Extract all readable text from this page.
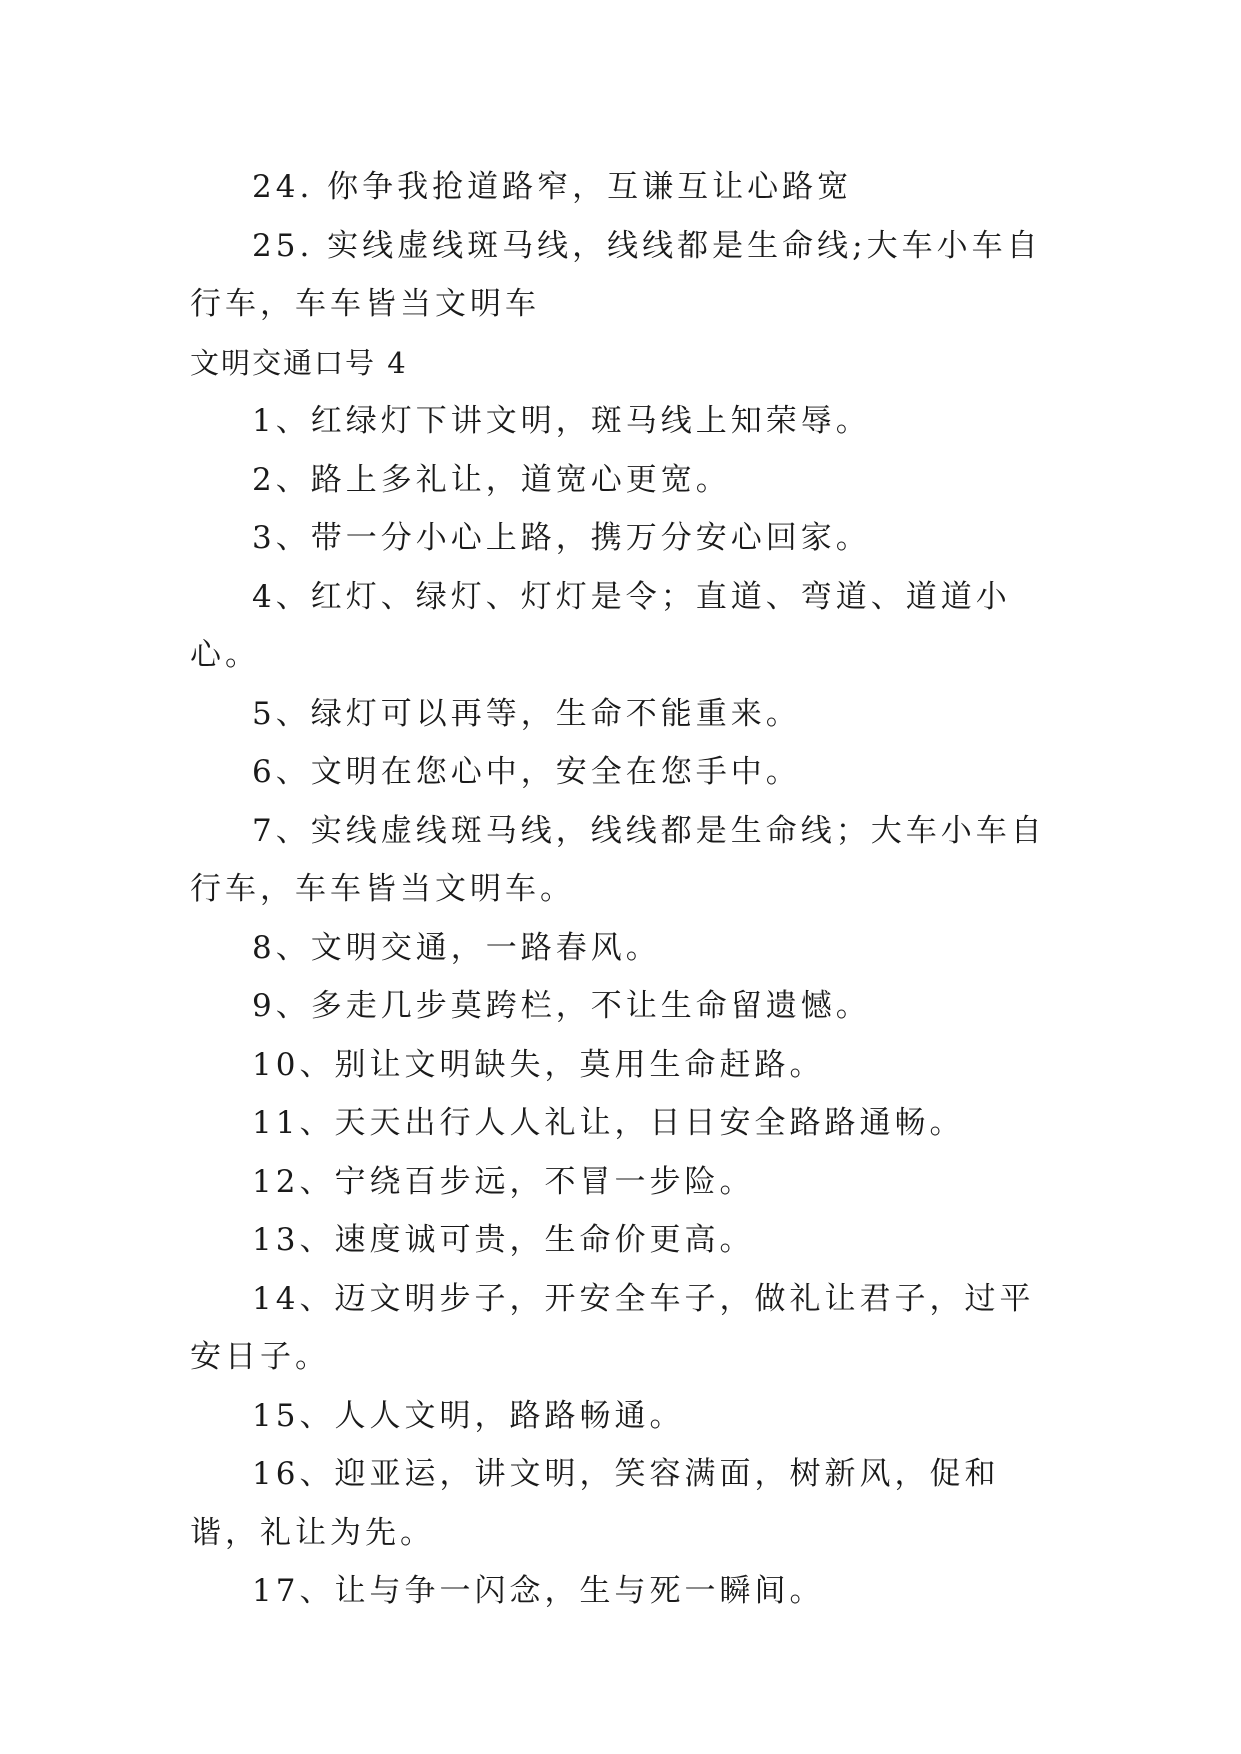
24. 你争我抢道路窄，互谦互让心路宽

25. 实线虚线斑马线，线线都是生命线;大车小车自行车，车车皆当文明车

文明交通口号 4

1、红绿灯下讲文明，斑马线上知荣辱。

2、路上多礼让，道宽心更宽。

3、带一分小心上路，携万分安心回家。

4、红灯、绿灯、灯灯是令；直道、弯道、道道小心。

5、绿灯可以再等，生命不能重来。

6、文明在您心中，安全在您手中。

7、实线虚线斑马线，线线都是生命线；大车小车自行车，车车皆当文明车。

8、文明交通，一路春风。

9、多走几步莫跨栏，不让生命留遗憾。

10、别让文明缺失，莫用生命赶路。

11、天天出行人人礼让，日日安全路路通畅。

12、宁绕百步远，不冒一步险。

13、速度诚可贵，生命价更高。

14、迈文明步子，开安全车子，做礼让君子，过平安日子。

15、人人文明，路路畅通。

16、迎亚运，讲文明，笑容满面，树新风，促和谐，礼让为先。

17、让与争一闪念，生与死一瞬间。
